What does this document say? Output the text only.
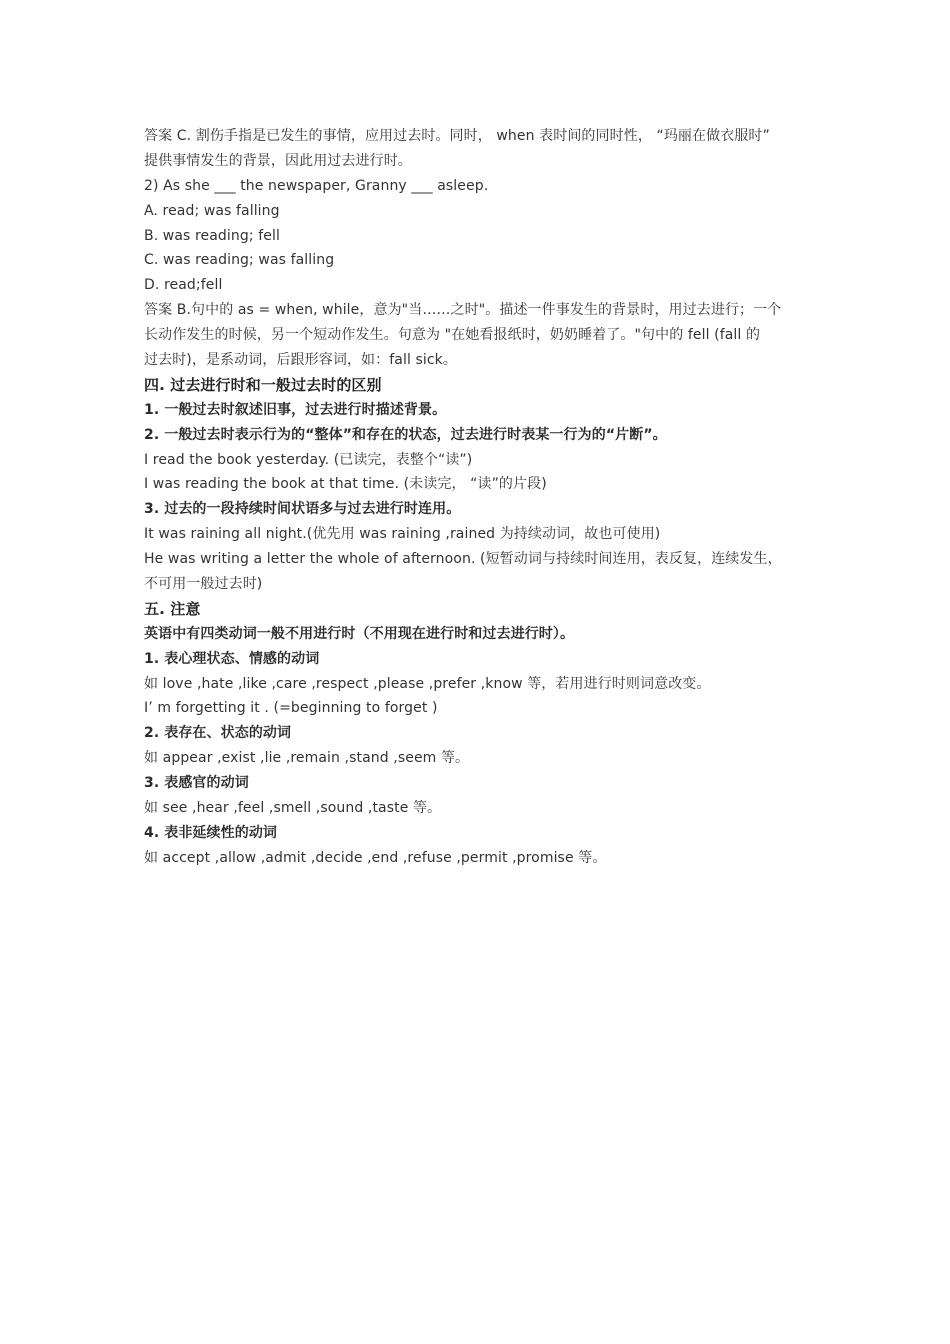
答案 C. 割伤手指是已发生的事情，应用过去时。同时， when 表时间的同时性， “玛丽在做衣服时”
提供事情发生的背景，因此用过去进行时。
2) As she ___ the newspaper, Granny ___ asleep.
A. read; was falling
B. was reading; fell
C. was reading; was falling
D. read;fell
答案 B.句中的 as = when, while，意为"当……之时"。描述一件事发生的背景时，用过去进行；一个
长动作发生的时候，另一个短动作发生。句意为 "在她看报纸时，奶奶睡着了。"句中的 fell (fall 的
过去时)，是系动词，后跟形容词，如：fall sick。
四. 过去进行时和一般过去时的区别
1. 一般过去时叙述旧事，过去进行时描述背景。
2. 一般过去时表示行为的“整体”和存在的状态，过去进行时表某一行为的“片断”。
I read the book yesterday. (已读完，表整个“读”)
I was reading the book at that time. (未读完， “读”的片段)
3. 过去的一段持续时间状语多与过去进行时连用。
It was raining all night.(优先用 was raining ,rained 为持续动词，故也可使用)
He was writing a letter the whole of afternoon. (短暂动词与持续时间连用，表反复，连续发生，
不可用一般过去时)
五. 注意
英语中有四类动词一般不用进行时（不用现在进行时和过去进行时）。
1. 表心理状态、情感的动词
如 love ,hate ,like ,care ,respect ,please ,prefer ,know 等，若用进行时则词意改变。
I’ m forgetting it . (=beginning to forget )
2. 表存在、状态的动词
如 appear ,exist ,lie ,remain ,stand ,seem 等。
3. 表感官的动词
如 see ,hear ,feel ,smell ,sound ,taste 等。
4. 表非延续性的动词
如 accept ,allow ,admit ,decide ,end ,refuse ,permit ,promise 等。
